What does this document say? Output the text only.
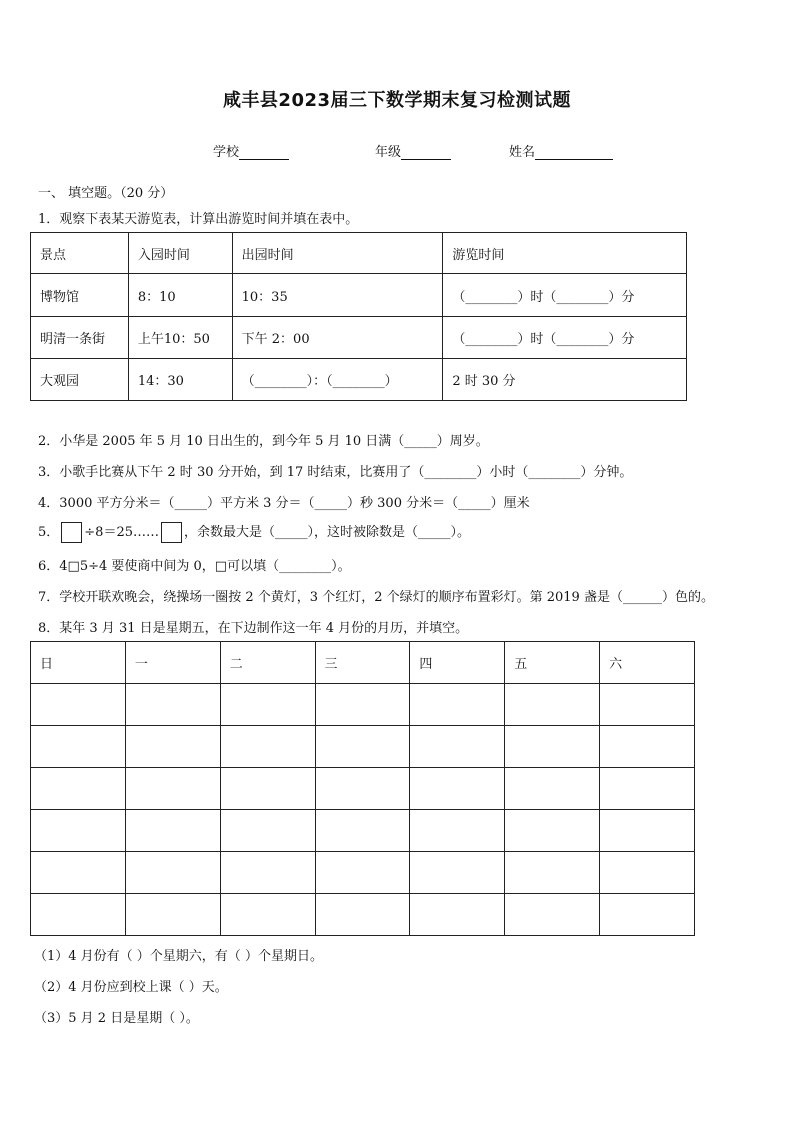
咸丰县2023届三下数学期末复习检测试题
学校	年级	姓名
一、 填空题。（20 分）
1．观察下表某天游览表，计算出游览时间并填在表中。
景点	入园时间	出园时间	游览时间
博物馆	8：10	10：35	（________）时（________）分
明清一条街	上午10：50	下午 2：00	（________）时（________）分
大观园	14：30	（________）：（________）	2 时 30 分
2．小华是 2005 年 5 月 10 日出生的，到今年 5 月 10 日满（_____）周岁。
3．小歌手比赛从下午 2 时 30 分开始，到 17 时结束，比赛用了（________）小时（________）分钟。
4．3000 平方分米＝（_____）平方米 3 分＝（_____）秒 300 分米＝（_____）厘米
5． ÷8＝25…… ，余数最大是（_____），这时被除数是（_____）。
6．4□5÷4 要使商中间为 0，□可以填（________）。
7．学校开联欢晚会，绕操场一圈按 2 个黄灯，3 个红灯，2 个绿灯的顺序布置彩灯。第 2019 盏是（______）色的。
8．某年 3 月 31 日是星期五，在下边制作这一年 4 月份的月历，并填空。
日	一	二	三	四	五	六

（1）4 月份有（ ）个星期六，有（ ）个星期日。
（2）4 月份应到校上课（ ）天。
（3）5 月 2 日是星期（ ）。
